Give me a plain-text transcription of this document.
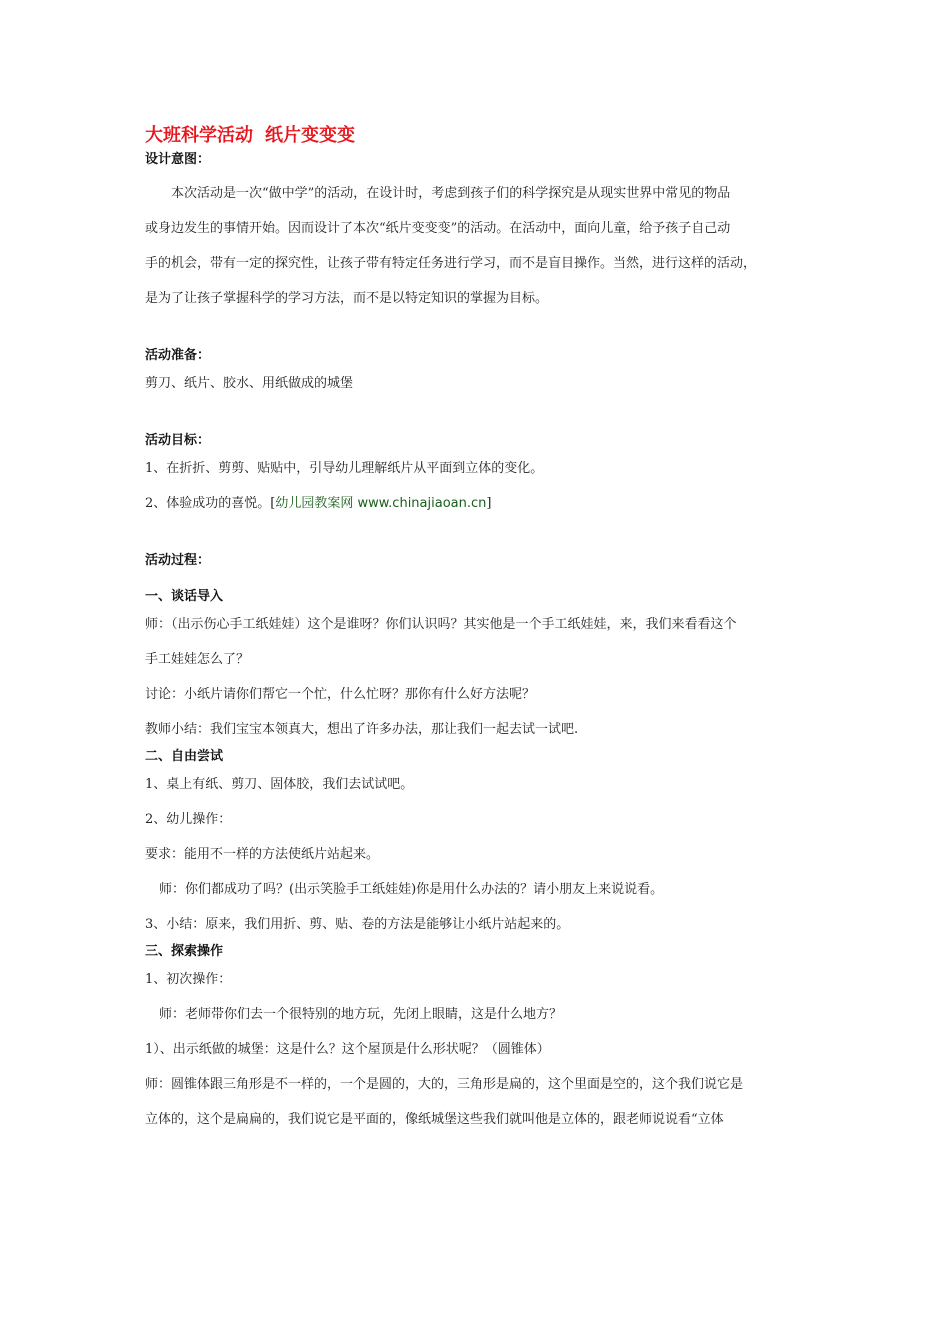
大班科学活动 纸片变变变
设计意图：

本次活动是一次“做中学”的活动，在设计时，考虑到孩子们的科学探究是从现实世界中常见的物品

或身边发生的事情开始。因而设计了本次“纸片变变变”的活动。在活动中，面向儿童，给予孩子自己动

手的机会，带有一定的探究性，让孩子带有特定任务进行学习，而不是盲目操作。当然，进行这样的活动，

是为了让孩子掌握科学的学习方法，而不是以特定知识的掌握为目标。

活动准备：

剪刀、纸片、胶水、用纸做成的城堡

活动目标：

1、在折折、剪剪、贴贴中，引导幼儿理解纸片从平面到立体的变化。

2、体验成功的喜悦。[幼儿园教案网 www.chinajiaoan.cn]

活动过程：
一、谈话导入

师：（出示伤心手工纸娃娃）这个是谁呀？你们认识吗？其实他是一个手工纸娃娃，来，我们来看看这个

手工娃娃怎么了？

讨论：小纸片请你们帮它一个忙，什么忙呀？那你有什么好方法呢？

教师小结：我们宝宝本领真大，想出了许多办法，那让我们一起去试一试吧.

二、自由尝试

1、桌上有纸、剪刀、固体胶，我们去试试吧。

2、幼儿操作：

要求：能用不一样的方法使纸片站起来。

师：你们都成功了吗？(出示笑脸手工纸娃娃)你是用什么办法的？请小朋友上来说说看。

3、小结：原来，我们用折、剪、贴、卷的方法是能够让小纸片站起来的。

三、探索操作

1、初次操作：

师：老师带你们去一个很特别的地方玩，先闭上眼睛，这是什么地方？

1）、出示纸做的城堡：这是什么？这个屋顶是什么形状呢？（圆锥体）

师：圆锥体跟三角形是不一样的，一个是圆的，大的，三角形是扁的，这个里面是空的，这个我们说它是

立体的，这个是扁扁的，我们说它是平面的，像纸城堡这些我们就叫他是立体的，跟老师说说看“立体
